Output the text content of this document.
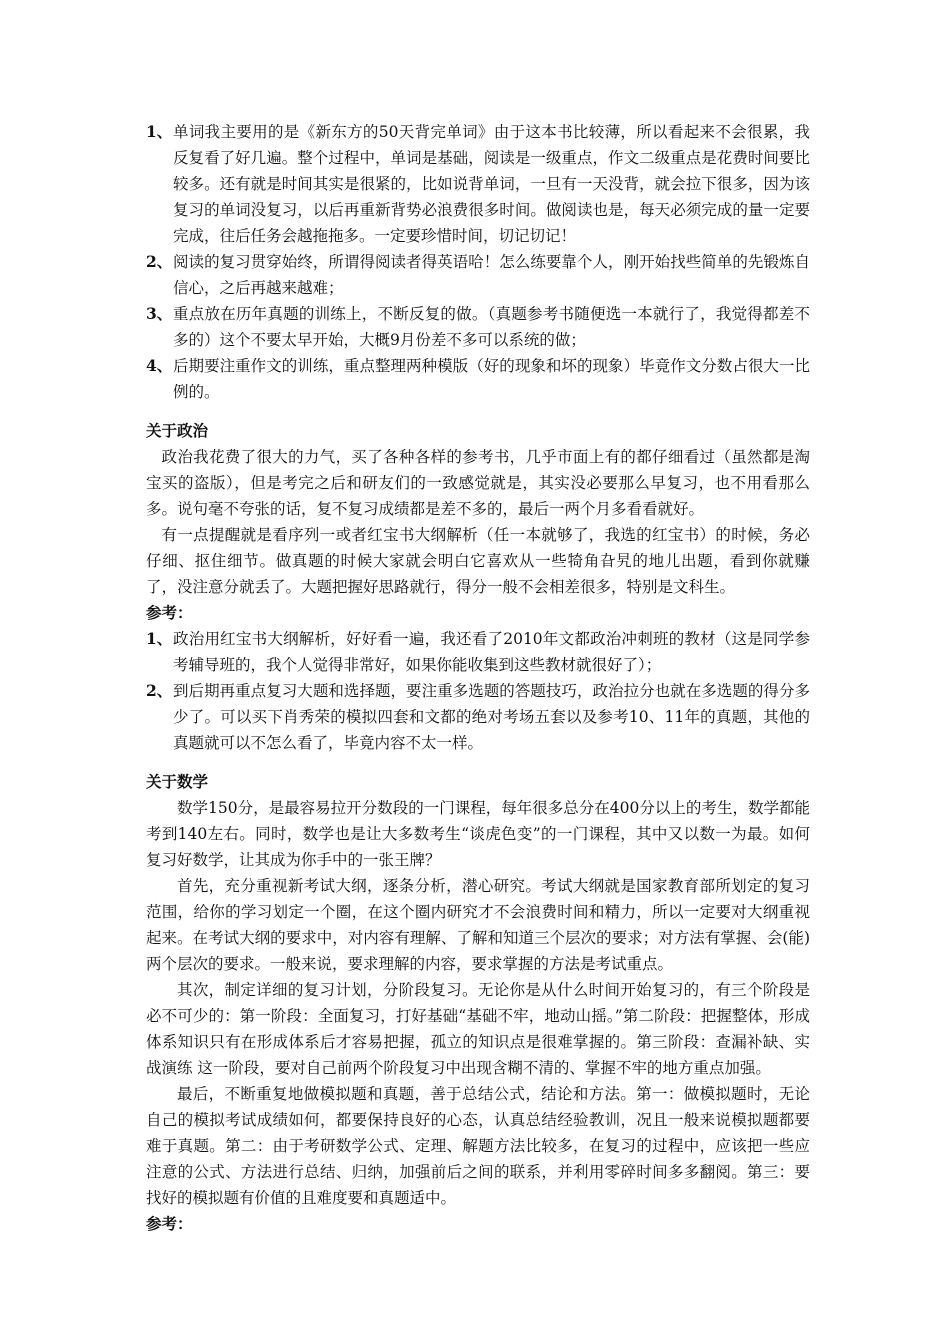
1、 单词我主要用的是《新东方的50天背完单词》由于这本书比较薄，所以看起来不会很累，我反复看了好几遍。整个过程中，单词是基础，阅读是一级重点，作文二级重点是花费时间要比较多。还有就是时间其实是很紧的，比如说背单词，一旦有一天没背，就会拉下很多，因为该复习的单词没复习，以后再重新背势必浪费很多时间。做阅读也是，每天必须完成的量一定要完成，往后任务会越拖拖多。一定要珍惜时间，切记切记！
2、 阅读的复习贯穿始终，所谓得阅读者得英语哈！怎么练要靠个人，刚开始找些简单的先锻炼自信心，之后再越来越难；
3、 重点放在历年真题的训练上，不断反复的做。（真题参考书随便选一本就行了，我觉得都差不多的）这个不要太早开始，大概9月份差不多可以系统的做；
4、 后期要注重作文的训练，重点整理两种模版（好的现象和坏的现象）毕竟作文分数占很大一比例的。
关于政治
政治我花费了很大的力气，买了各种各样的参考书，几乎市面上有的都仔细看过（虽然都是淘宝买的盗版），但是考完之后和研友们的一致感觉就是，其实没必要那么早复习，也不用看那么多。说句毫不夸张的话，复不复习成绩都是差不多的，最后一两个月多看看就好。
有一点提醒就是看序列一或者红宝书大纲解析（任一本就够了，我选的红宝书）的时候，务必仔细、抠住细节。做真题的时候大家就会明白它喜欢从一些犄角旮旯的地儿出题，看到你就赚了，没注意分就丢了。大题把握好思路就行，得分一般不会相差很多，特别是文科生。
参考：
1、 政治用红宝书大纲解析，好好看一遍，我还看了2010年文都政治冲刺班的教材（这是同学参考辅导班的，我个人觉得非常好，如果你能收集到这些教材就很好了）；
2、 到后期再重点复习大题和选择题，要注重多选题的答题技巧，政治拉分也就在多选题的得分多少了。可以买下肖秀荣的模拟四套和文都的绝对考场五套以及参考10、11年的真题，其他的真题就可以不怎么看了，毕竟内容不太一样。
关于数学
数学150分，是最容易拉开分数段的一门课程，每年很多总分在400分以上的考生，数学都能考到140左右。同时，数学也是让大多数考生“谈虎色变”的一门课程，其中又以数一为最。如何复习好数学，让其成为你手中的一张王牌？
首先，充分重视新考试大纲，逐条分析，潜心研究。考试大纲就是国家教育部所划定的复习范围，给你的学习划定一个圈，在这个圈内研究才不会浪费时间和精力，所以一定要对大纲重视起来。在考试大纲的要求中，对内容有理解、了解和知道三个层次的要求；对方法有掌握、会(能)两个层次的要求。一般来说，要求理解的内容，要求掌握的方法是考试重点。
其次，制定详细的复习计划，分阶段复习。无论你是从什么时间开始复习的，有三个阶段是必不可少的：第一阶段：全面复习，打好基础“基础不牢，地动山摇。”第二阶段：把握整体，形成体系知识只有在形成体系后才容易把握，孤立的知识点是很难掌握的。第三阶段：查漏补缺、实战演练 这一阶段，要对自己前两个阶段复习中出现含糊不清的、掌握不牢的地方重点加强。
最后，不断重复地做模拟题和真题，善于总结公式，结论和方法。第一：做模拟题时，无论自己的模拟考试成绩如何，都要保持良好的心态，认真总结经验教训，况且一般来说模拟题都要难于真题。第二：由于考研数学公式、定理、解题方法比较多，在复习的过程中，应该把一些应注意的公式、方法进行总结、归纳，加强前后之间的联系，并利用零碎时间多多翻阅。第三：要找好的模拟题有价值的且难度要和真题适中。
参考：
